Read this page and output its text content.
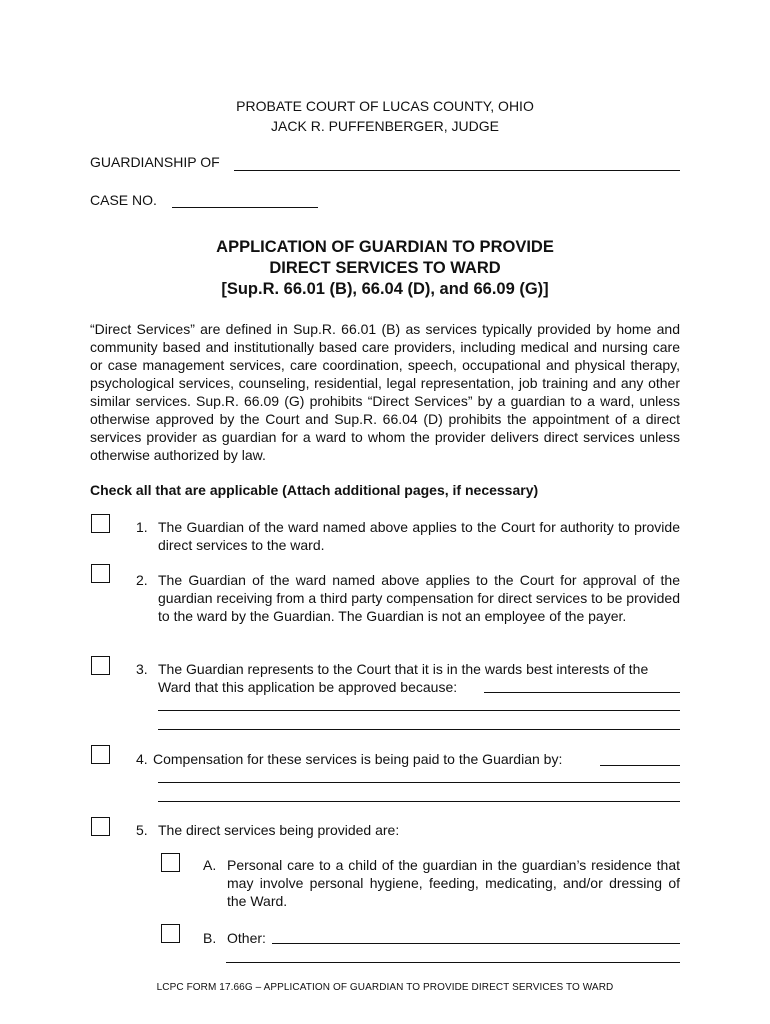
PROBATE COURT OF LUCAS COUNTY, OHIO
JACK R. PUFFENBERGER, JUDGE
GUARDIANSHIP OF
CASE NO.
APPLICATION OF GUARDIAN TO PROVIDE
DIRECT SERVICES TO WARD
[Sup.R. 66.01 (B), 66.04 (D), and 66.09 (G)]
“Direct Services” are defined in Sup.R. 66.01 (B) as services typically provided by home and community based and institutionally based care providers, including medical and nursing care or case management services, care coordination, speech, occupational and physical therapy, psychological services, counseling, residential, legal representation, job training and any other similar services. Sup.R. 66.09 (G) prohibits “Direct Services” by a guardian to a ward, unless otherwise approved by the Court and Sup.R. 66.04 (D) prohibits the appointment of a direct services provider as guardian for a ward to whom the provider delivers direct services unless otherwise authorized by law.
Check all that are applicable (Attach additional pages, if necessary)
1. The Guardian of the ward named above applies to the Court for authority to provide direct services to the ward.
2. The Guardian of the ward named above applies to the Court for approval of the guardian receiving from a third party compensation for direct services to be provided to the ward by the Guardian. The Guardian is not an employee of the payer.
3. The Guardian represents to the Court that it is in the wards best interests of the
Ward that this application be approved because:
4. Compensation for these services is being paid to the Guardian by:
5. The direct services being provided are:
A. Personal care to a child of the guardian in the guardian’s residence that may involve personal hygiene, feeding, medicating, and/or dressing of the Ward.
B. Other:
LCPC FORM 17.66G – APPLICATION OF GUARDIAN TO PROVIDE DIRECT SERVICES TO WARD
